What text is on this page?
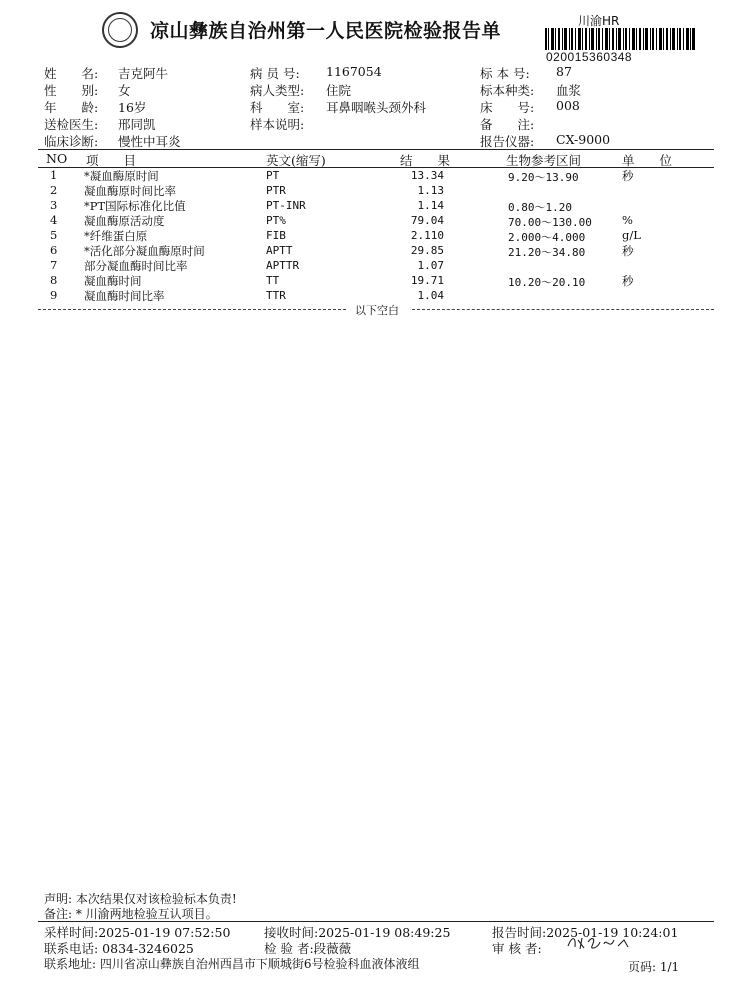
凉山彝族自治州第一人民医院检验报告单	川渝HR
020015360348
姓　　名: 吉克阿牛	病 员 号: 1167054	标 本 号: 87
性　　别: 女	病人类型: 住院	标本种类: 血浆
年　　龄: 16岁	科　　室: 耳鼻咽喉头颈外科	床　　号: 008
送检医生: 邢同凯	样本说明:	备　　注:
临床诊断: 慢性中耳炎	报告仪器: CX-9000
NO 项　　目	英文(缩写)	结　　果	生物参考区间	单　　位
1 *凝血酶原时间	PT	13.34	9.20～13.90	秒
2 凝血酶原时间比率	PTR	1.13
3 *PT国际标准化比值	PT-INR	1.14	0.80～1.20
4 凝血酶原活动度	PT%	79.04	70.00～130.00	%
5 *纤维蛋白原	FIB	2.110	2.000～4.000	g/L
6 *活化部分凝血酶原时间	APTT	29.85	21.20～34.80	秒
7 部分凝血酶时间比率	APTTR	1.07
8 凝血酶时间	TT	19.71	10.20～20.10	秒
9 凝血酶时间比率	TTR	1.04
以下空白
声明: 本次结果仅对该检验标本负责!
备注: * 川渝两地检验互认项目。
采样时间:2025-01-19 07:52:50	接收时间:2025-01-19 08:49:25	报告时间:2025-01-19 10:24:01
联系电话: 0834-3246025	检 验 者:段薇薇	审 核 者:
联系地址: 四川省凉山彝族自治州西昌市下顺城街6号检验科血液体液组	页码: 1/1
